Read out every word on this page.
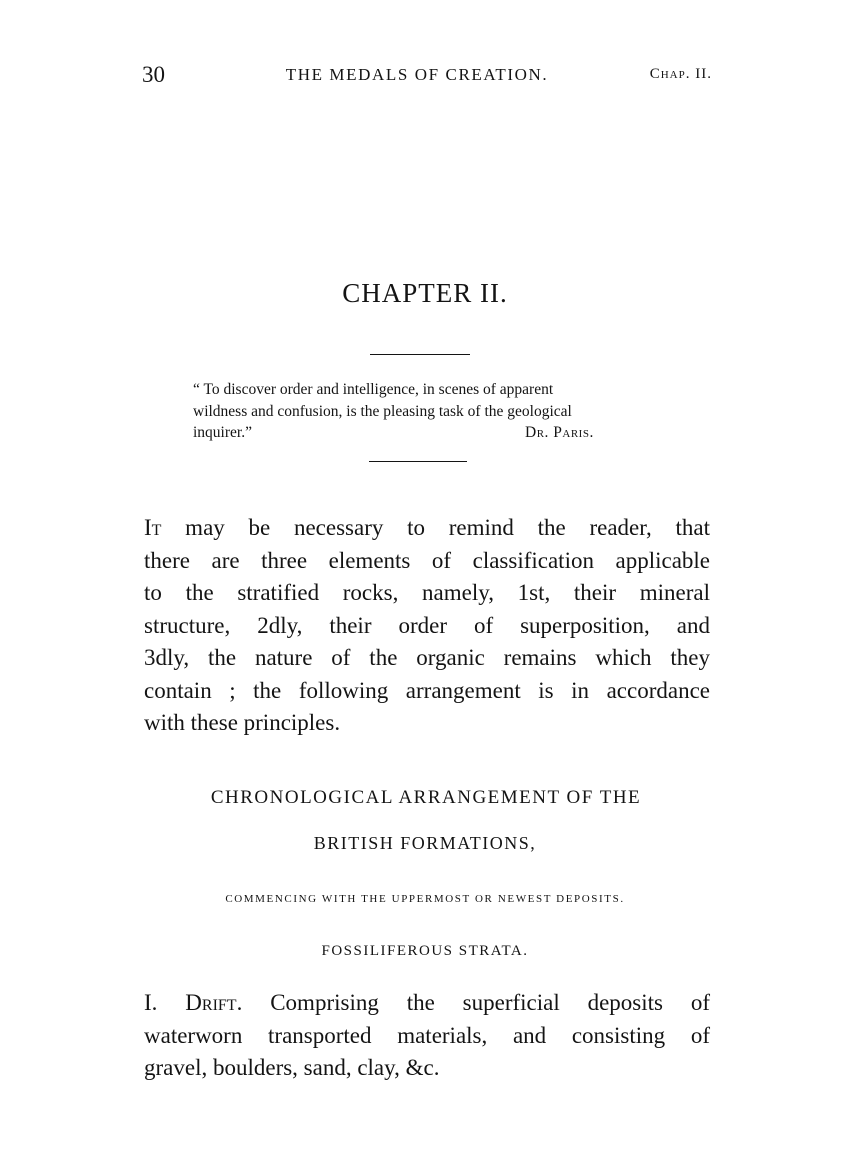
30	THE MEDALS OF CREATION.	Chap. II.
CHAPTER II.
“ To discover order and intelligence, in scenes of apparent
wildness and confusion, is the pleasing task of the geological
inquirer.”	Dr. Paris.
It may be necessary to remind the reader, that
there are three elements of classification applicable
to the stratified rocks, namely, 1st, their mineral
structure, 2dly, their order of superposition, and
3dly, the nature of the organic remains which they
contain ; the following arrangement is in accordance
with these principles.
CHRONOLOGICAL ARRANGEMENT OF THE
BRITISH FORMATIONS,
COMMENCING WITH THE UPPERMOST OR NEWEST DEPOSITS.
FOSSILIFEROUS STRATA.
I. Drift. Comprising the superficial deposits of
waterworn transported materials, and consisting of
gravel, boulders, sand, clay, &c.
